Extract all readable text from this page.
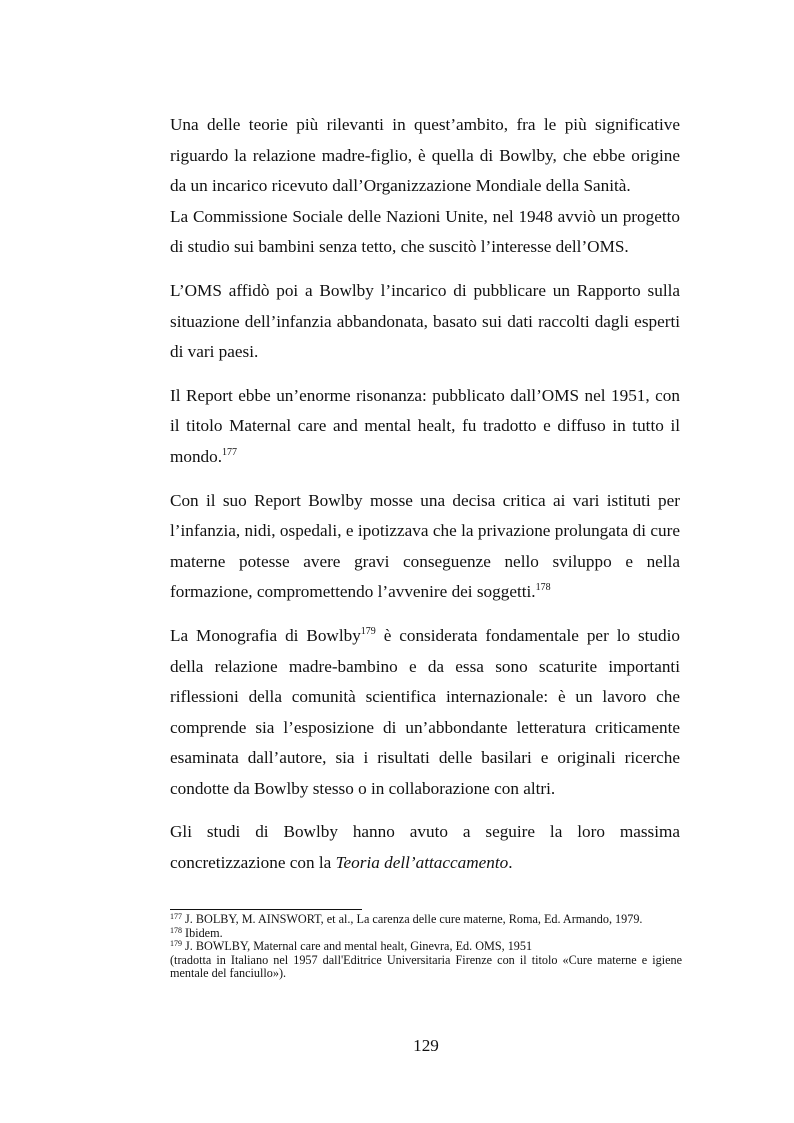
Una delle teorie più rilevanti in quest’ambito, fra le più significative riguardo la relazione madre-figlio, è quella di Bowlby, che ebbe origine da un incarico ricevuto dall’Organizzazione Mondiale della Sanità.

La Commissione Sociale delle Nazioni Unite, nel 1948 avviò un progetto di studio sui bambini senza tetto, che suscitò l’interesse dell’OMS.

L’OMS affidò poi a Bowlby l’incarico di pubblicare un Rapporto sulla situazione dell’infanzia abbandonata, basato sui dati raccolti dagli esperti di vari paesi.

Il Report ebbe un’enorme risonanza: pubblicato dall’OMS nel 1951, con il titolo Maternal care and mental healt, fu tradotto e diffuso in tutto il mondo.$^{177}$

Con il suo Report Bowlby mosse una decisa critica ai vari istituti per l’infanzia, nidi, ospedali, e ipotizzava che la privazione prolungata di cure materne potesse avere gravi conseguenze nello sviluppo e nella formazione, compromettendo l’avvenire dei soggetti.$^{178}$

La Monografia di Bowlby$^{179}$ è considerata fondamentale per lo studio della relazione madre-bambino e da essa sono scaturite importanti riflessioni della comunità scientifica internazionale: è un lavoro che comprende sia l’esposizione di un’abbondante letteratura criticamente esaminata dall’autore, sia i risultati delle basilari e originali ricerche condotte da Bowlby stesso o in collaborazione con altri.

Gli studi di Bowlby hanno avuto a seguire la loro massima concretizzazione con la Teoria dell’attaccamento.

$^{177}$ J. BOLBY, M. AINSWORT, et al., La carenza delle cure materne, Roma, Ed. Armando, 1979.

$^{178}$ Ibidem.

$^{179}$ J. BOWLBY, Maternal care and mental healt, Ginevra, Ed. OMS, 1951

(tradotta in Italiano nel 1957 dall'Editrice Universitaria Firenze con il titolo «Cure materne e igiene mentale del fanciullo»).

129
